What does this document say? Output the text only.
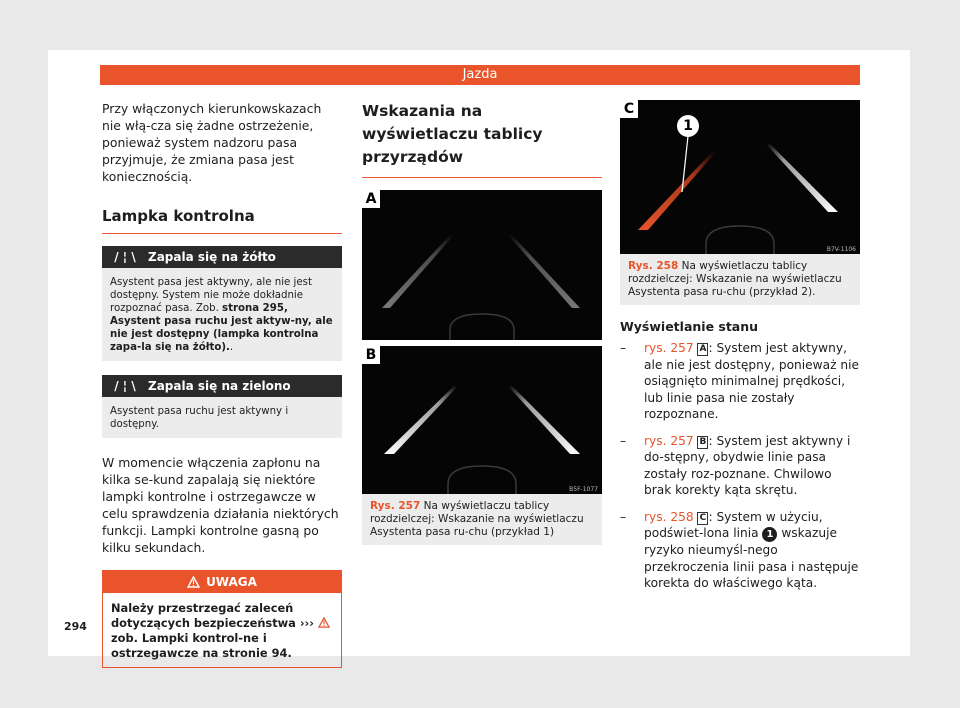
Jazda

Przy włączonych kierunkowskazach nie włą-cza się żadne ostrzeżenie, ponieważ system nadzoru pasa przyjmuje, że zmiana pasa jest koniecznością.

Lampka kontrolna
/ ¦ \	Zapala się na żółto
Asystent pasa jest aktywny, ale nie jest dostępny. System nie może dokładnie rozpoznać pasa. Zob. strona 295, Asystent pasa ruchu jest aktyw-ny, ale nie jest dostępny (lampka kontrolna zapa-la się na żółto)..
/ ¦ \	Zapala się na zielono
Asystent pasa ruchu jest aktywny i dostępny.

W momencie włączenia zapłonu na kilka se-kund zapalają się niektóre lampki kontrolne i ostrzegawcze w celu sprawdzenia działania niektórych funkcji. Lampki kontrolne gasną po kilku sekundach.

UWAGA
Należy przestrzegać zaleceń dotyczących bezpieczeństwa ›››  zob. Lampki kontrol-ne i ostrzegawcze na stronie 94.
Wskazania na wyświetlaczu tablicy przyrządów
A
B
B5F-1077
Rys. 257 Na wyświetlaczu tablicy rozdzielczej: Wskazanie na wyświetlaczu Asystenta pasa ru-chu (przykład 1)
1
C
B7V-1106
Rys. 258 Na wyświetlaczu tablicy rozdzielczej: Wskazanie na wyświetlaczu Asystenta pasa ru-chu (przykład 2).
Wyświetlanie stanu
– rys. 257 A : System jest aktywny, ale nie jest dostępny, ponieważ nie osiągnięto minimalnej prędkości, lub linie pasa nie zostały rozpoznane.
– rys. 257 B : System jest aktywny i do-stępny, obydwie linie pasa zostały roz-poznane. Chwilowo brak korekty kąta skrętu.
– rys. 258 C : System w użyciu, podświet-lona linia 1 wskazuje ryzyko nieumyśl-nego przekroczenia linii pasa i następuje korekta do właściwego kąta.
294
